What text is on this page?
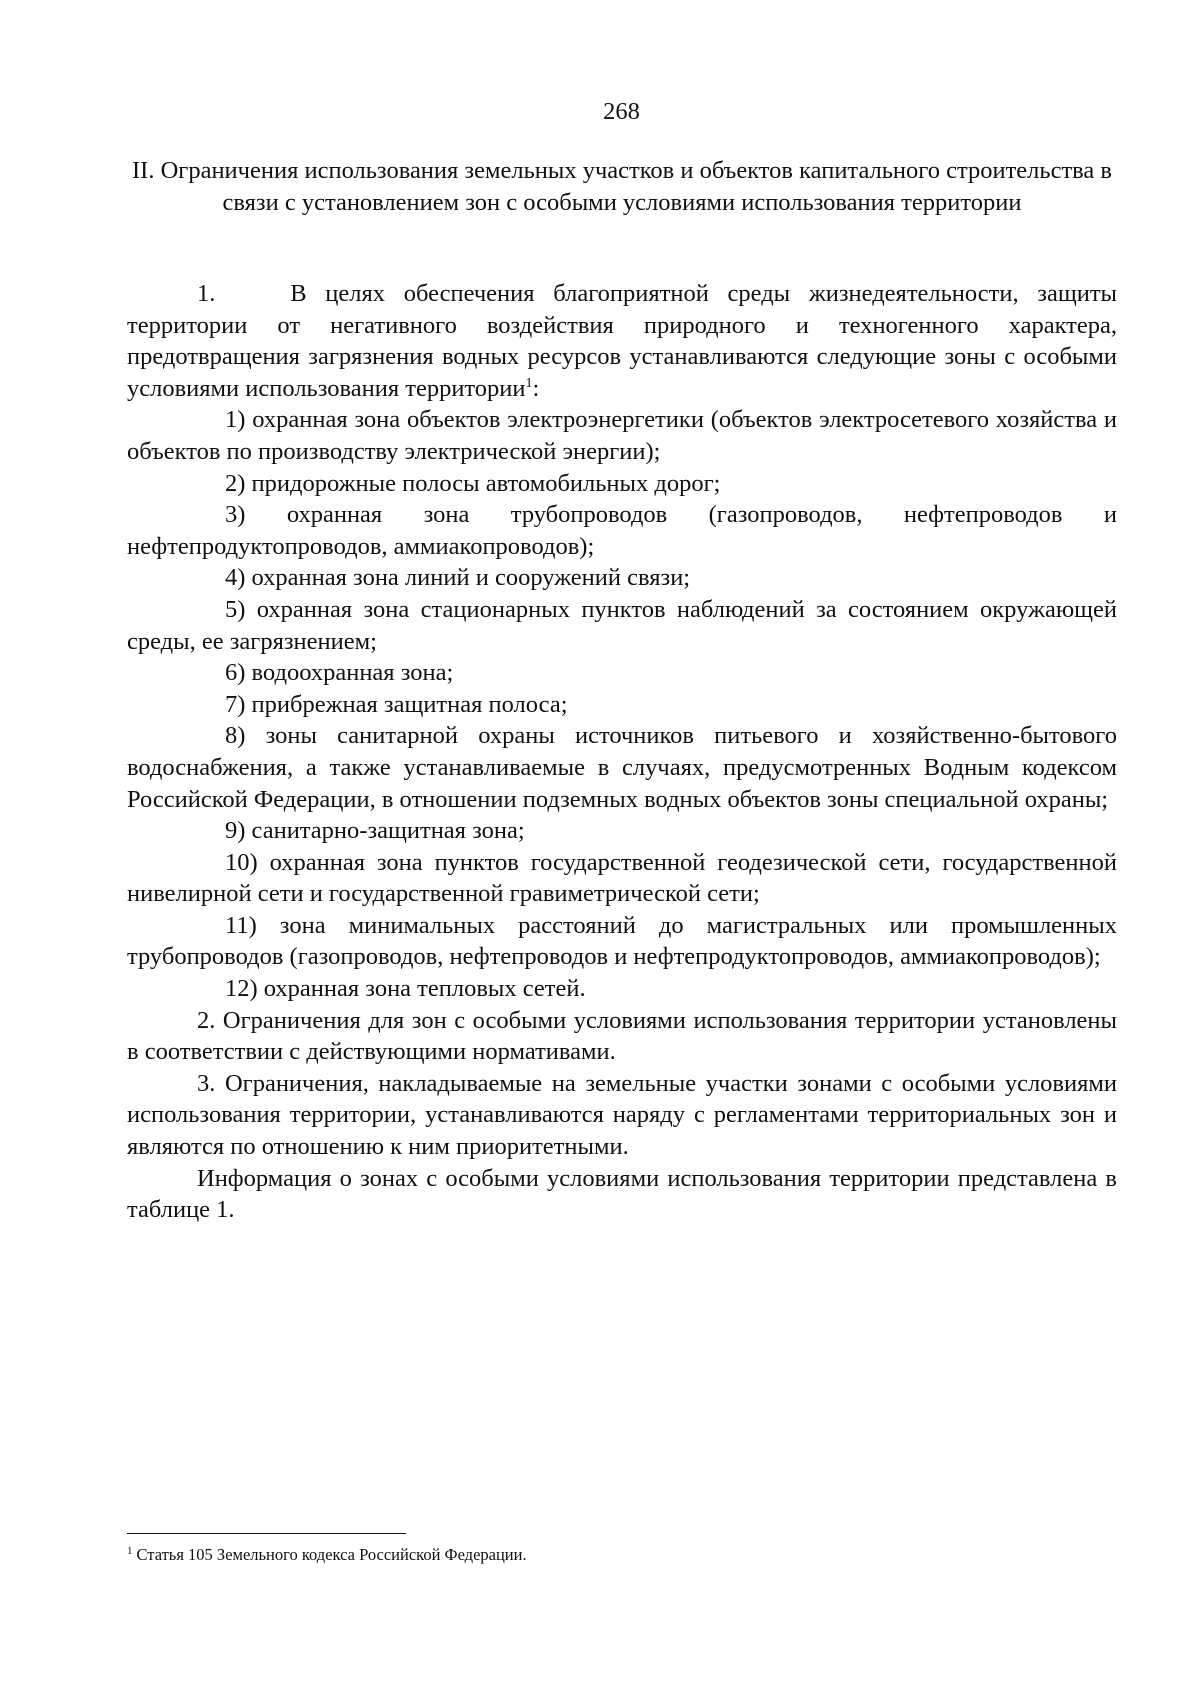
268
II. Ограничения использования земельных участков и объектов капитального строительства в связи с установлением зон с особыми условиями использования территории

1.    В целях обеспечения благоприятной среды жизнедеятельности, защиты территории от негативного воздействия природного и техногенного характера, предотвращения загрязнения водных ресурсов устанавливаются следующие зоны с особыми условиями использования территории$^1$:

1) охранная зона объектов электроэнергетики (объектов электросетевого хозяйства и объектов по производству электрической энергии);

2) придорожные полосы автомобильных дорог;

3) охранная зона трубопроводов (газопроводов, нефтепроводов и нефтепродуктопроводов, аммиакопроводов);

4) охранная зона линий и сооружений связи;

5) охранная зона стационарных пунктов наблюдений за состоянием окружающей среды, ее загрязнением;

6) водоохранная зона;

7) прибрежная защитная полоса;

8) зоны санитарной охраны источников питьевого и хозяйственно-бытового водоснабжения, а также устанавливаемые в случаях, предусмотренных Водным кодексом Российской Федерации, в отношении подземных водных объектов зоны специальной охраны;

9) санитарно-защитная зона;

10) охранная зона пунктов государственной геодезической сети, государственной нивелирной сети и государственной гравиметрической сети;

11) зона минимальных расстояний до магистральных или промышленных трубопроводов (газопроводов, нефтепроводов и нефтепродуктопроводов, аммиакопроводов);

12) охранная зона тепловых сетей.

2. Ограничения для зон с особыми условиями использования территории установлены в соответствии с действующими нормативами.

3. Ограничения, накладываемые на земельные участки зонами с особыми условиями использования территории, устанавливаются наряду с регламентами территориальных зон и являются по отношению к ним приоритетными.

Информация о зонах с особыми условиями использования территории представлена в таблице 1.

$^1$ Статья 105 Земельного кодекса Российской Федерации.
